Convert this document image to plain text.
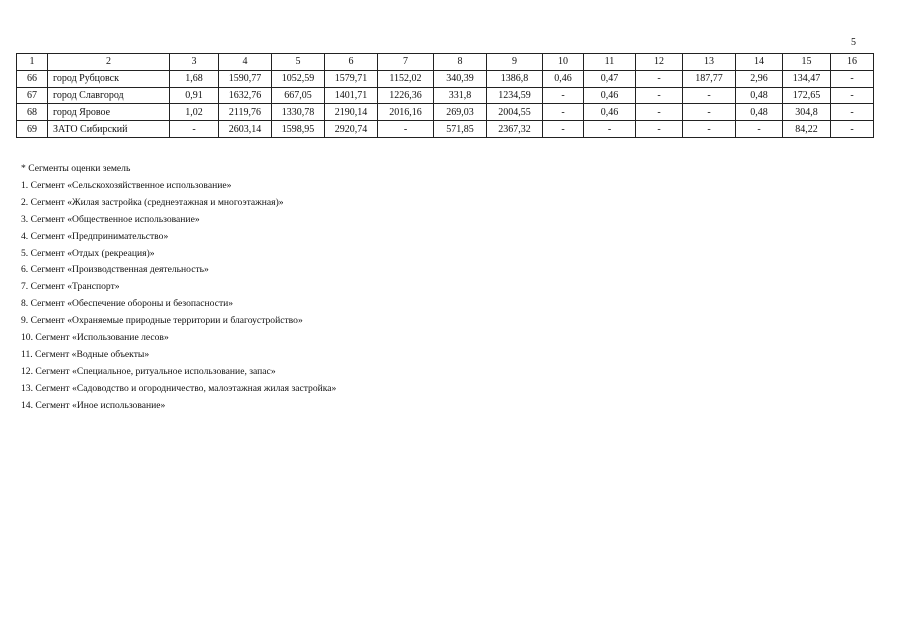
5
1	2	3	4	5	6	7	8	9	10	11	12	13	14	15	16
66	город Рубцовск	1,68	1590,77	1052,59	1579,71	1152,02	340,39	1386,8	0,46	0,47	-	187,77	2,96	134,47	-
67	город Славгород	0,91	1632,76	667,05	1401,71	1226,36	331,8	1234,59	-	0,46	-	-	0,48	172,65	-
68	город Яровое	1,02	2119,76	1330,78	2190,14	2016,16	269,03	2004,55	-	0,46	-	-	0,48	304,8	-
69	ЗАТО Сибирский	-	2603,14	1598,95	2920,74	-	571,85	2367,32	-	-	-	-	-	84,22	-
* Сегменты оценки земель
1. Сегмент «Сельскохозяйственное использование»
2. Сегмент «Жилая застройка (среднеэтажная и многоэтажная)»
3. Сегмент «Общественное использование»
4. Сегмент «Предпринимательство»
5. Сегмент «Отдых (рекреация)»
6. Сегмент «Производственная деятельность»
7. Сегмент «Транспорт»
8. Сегмент «Обеспечение обороны и безопасности»
9. Сегмент «Охраняемые природные территории и благоустройство»
10. Сегмент «Использование лесов»
11. Сегмент «Водные объекты»
12. Сегмент «Специальное, ритуальное использование, запас»
13. Сегмент «Садоводство и огородничество, малоэтажная жилая застройка»
14. Сегмент «Иное использование»
